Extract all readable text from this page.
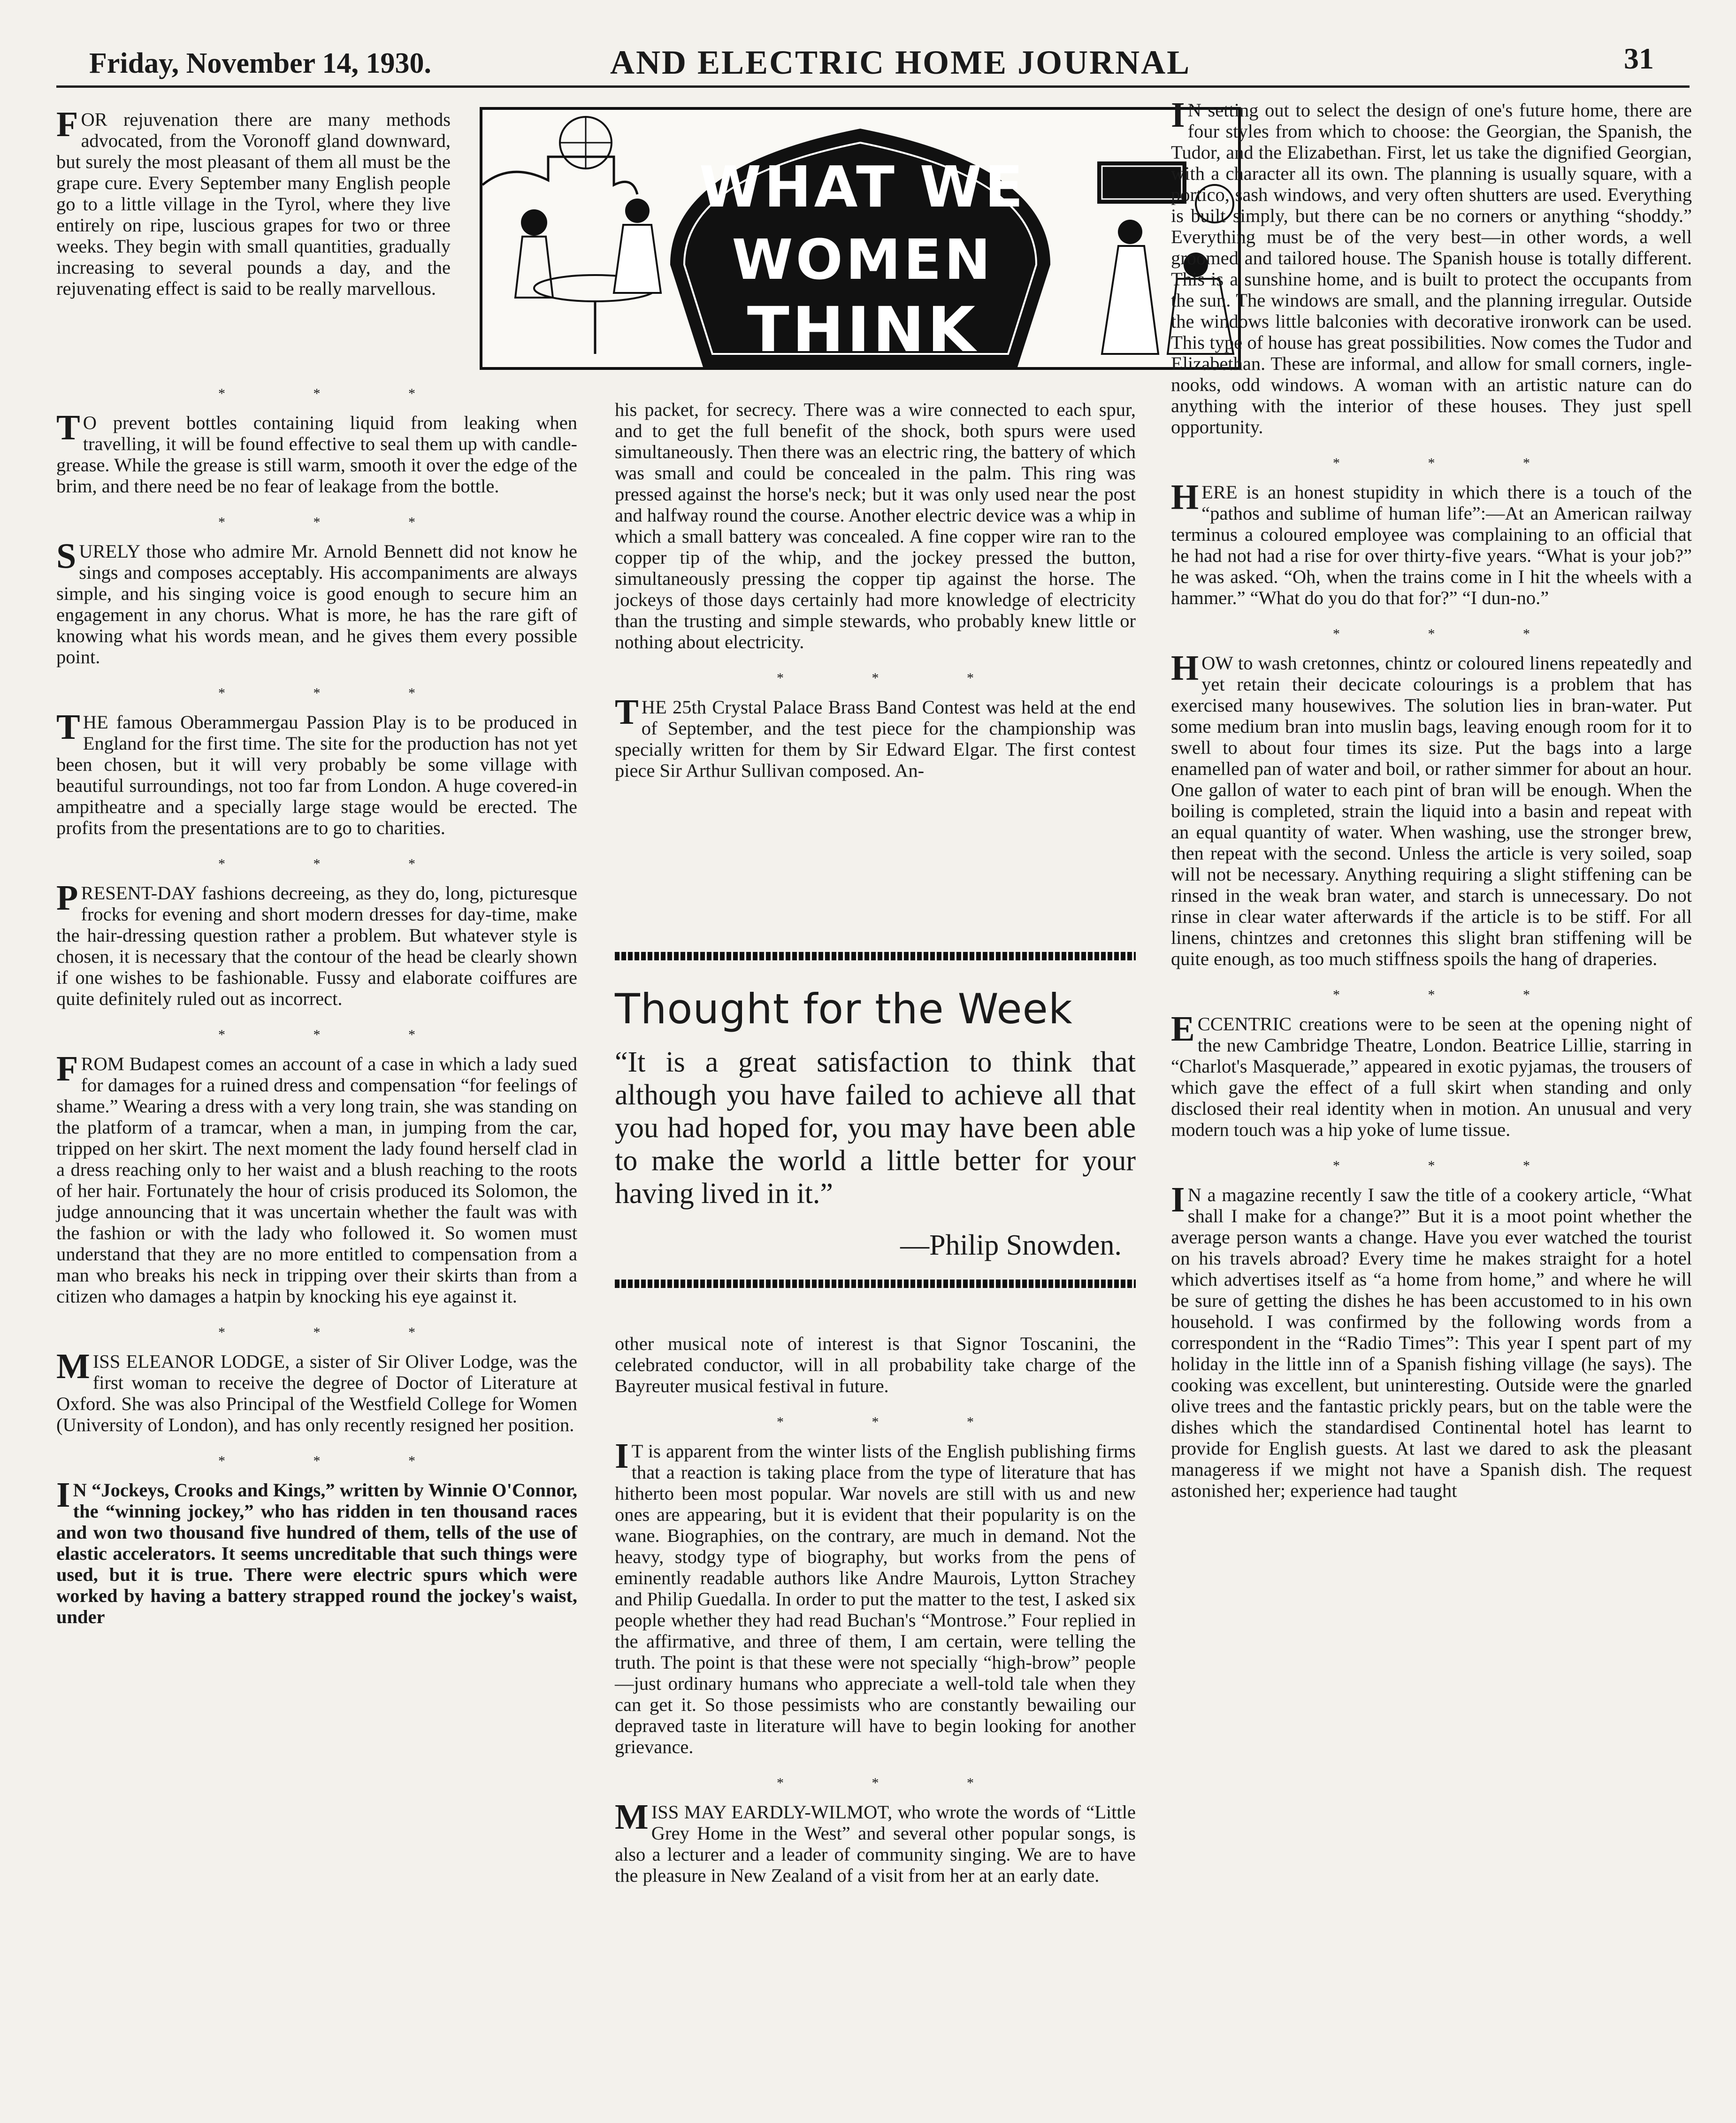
Friday, November 14, 1930.	AND ELECTRIC HOME JOURNAL	31
WHAT WE
WOMEN
THINK

FOR rejuvenation there are many methods advocated, from the Voronoff gland downward, but surely the most pleasant of them all must be the grape cure. Every September many English people go to a little village in the Tyrol, where they live entirely on ripe, luscious grapes for two or three weeks. They begin with small quantities, gradually increasing to several pounds a day, and the rejuvenating effect is said to be really marvellous.

* * *

T O prevent bottles containing liquid from leaking when travelling, it will be found effective to seal them up with candle-grease. While the grease is still warm, smooth it over the edge of the brim, and there need be no fear of leakage from the bottle.

* * *

SURELY those who admire Mr. Arnold Bennett did not know he sings and composes acceptably. His accompaniments are always simple, and his singing voice is good enough to secure him an engagement in any chorus. What is more, he has the rare gift of knowing what his words mean, and he gives them every possible point.

* * *

THE famous Oberammergau Passion Play is to be produced in England for the first time. The site for the production has not yet been chosen, but it will very probably be some village with beautiful surroundings, not too far from London. A huge covered-in ampitheatre and a specially large stage would be erected. The profits from the presentations are to go to charities.

* * *

PRESENT-DAY fashions decreeing, as they do, long, picturesque frocks for evening and short modern dresses for day-time, make the hair-dressing question rather a problem. But whatever style is chosen, it is necessary that the contour of the head be clearly shown if one wishes to be fashionable. Fussy and elaborate coiffures are quite definitely ruled out as incorrect.

* * *

FROM Budapest comes an account of a case in which a lady sued for damages for a ruined dress and compensation “for feelings of shame.” Wearing a dress with a very long train, she was standing on the platform of a tramcar, when a man, in jumping from the car, tripped on her skirt. The next moment the lady found herself clad in a dress reaching only to her waist and a blush reaching to the roots of her hair. Fortunately the hour of crisis produced its Solomon, the judge announcing that it was uncertain whether the fault was with the fashion or with the lady who followed it. So women must understand that they are no more entitled to compensation from a man who breaks his neck in tripping over their skirts than from a citizen who damages a hatpin by knocking his eye against it.

* * *

MISS ELEANOR LODGE, a sister of Sir Oliver Lodge, was the first woman to receive the degree of Doctor of Literature at Oxford. She was also Principal of the Westfield College for Women (University of London), and has only recently resigned her position.

* * *

I N “Jockeys, Crooks and Kings,” written by Winnie O'Connor, the “winning jockey,” who has ridden in ten thousand races and won two thousand five hundred of them, tells of the use of elastic accelerators. It seems uncreditable that such things were used, but it is true. There were electric spurs which were worked by having a battery strapped round the jockey's waist, under

his packet, for secrecy. There was a wire connected to each spur, and to get the full benefit of the shock, both spurs were used simultaneously. Then there was an electric ring, the battery of which was small and could be concealed in the palm. This ring was pressed against the horse's neck; but it was only used near the post and halfway round the course. Another electric device was a whip in which a small battery was concealed. A fine copper wire ran to the copper tip of the whip, and the jockey pressed the button, simultaneously pressing the copper tip against the horse. The jockeys of those days certainly had more knowledge of electricity than the trusting and simple stewards, who probably knew little or nothing about electricity.

* * *

THE 25th Crystal Palace Brass Band Contest was held at the end of September, and the test piece for the championship was specially written for them by Sir Edward Elgar. The first contest piece Sir Arthur Sullivan composed. An-

Thought for the Week
“It is a great satisfaction to think that although you have failed to achieve all that you had hoped for, you may have been able to make the world a little better for your having lived in it.”
—Philip Snowden.

other musical note of interest is that Signor Toscanini, the celebrated conductor, will in all probability take charge of the Bayreuter musical festival in future.

* * *

I T is apparent from the winter lists of the English publishing firms that a reaction is taking place from the type of literature that has hitherto been most popular. War novels are still with us and new ones are appearing, but it is evident that their popularity is on the wane. Biographies, on the contrary, are much in demand. Not the heavy, stodgy type of biography, but works from the pens of eminently readable authors like Andre Maurois, Lytton Strachey and Philip Guedalla. In order to put the matter to the test, I asked six people whether they had read Buchan's “Montrose.” Four replied in the affirmative, and three of them, I am certain, were telling the truth. The point is that these were not specially “high-brow” people—just ordinary humans who appreciate a well-told tale when they can get it. So those pessimists who are constantly bewailing our depraved taste in literature will have to begin looking for another grievance.

* * *

MISS MAY EARDLY-WILMOT, who wrote the words of “Little Grey Home in the West” and several other popular songs, is also a lecturer and a leader of community singing. We are to have the pleasure in New Zealand of a visit from her at an early date.

I N setting out to select the design of one's future home, there are four styles from which to choose: the Georgian, the Spanish, the Tudor, and the Elizabethan. First, let us take the dignified Georgian, with a character all its own. The planning is usually square, with a portico, sash windows, and very often shutters are used. Everything is built simply, but there can be no corners or anything “shoddy.” Everything must be of the very best—in other words, a well groomed and tailored house. The Spanish house is totally different. This is a sunshine home, and is built to protect the occupants from the sun. The windows are small, and the planning irregular. Outside the windows little balconies with decorative ironwork can be used. This type of house has great possibilities. Now comes the Tudor and Elizabethan. These are informal, and allow for small corners, ingle-nooks, odd windows. A woman with an artistic nature can do anything with the interior of these houses. They just spell opportunity.

* * *

HERE is an honest stupidity in which there is a touch of the “pathos and sublime of human life”:—At an American railway terminus a coloured employee was complaining to an official that he had not had a rise for over thirty-five years. “What is your job?” he was asked. “Oh, when the trains come in I hit the wheels with a hammer.” “What do you do that for?” “I dun-no.”

* * *

HOW to wash cretonnes, chintz or coloured linens repeatedly and yet retain their decicate colourings is a problem that has exercised many housewives. The solution lies in bran-water. Put some medium bran into muslin bags, leaving enough room for it to swell to about four times its size. Put the bags into a large enamelled pan of water and boil, or rather simmer for about an hour. One gallon of water to each pint of bran will be enough. When the boiling is completed, strain the liquid into a basin and repeat with an equal quantity of water. When washing, use the stronger brew, then repeat with the second. Unless the article is very soiled, soap will not be necessary. Anything requiring a slight stiffening can be rinsed in the weak bran water, and starch is unnecessary. Do not rinse in clear water afterwards if the article is to be stiff. For all linens, chintzes and cretonnes this slight bran stiffening will be quite enough, as too much stiffness spoils the hang of draperies.

* * *

ECCENTRIC creations were to be seen at the opening night of the new Cambridge Theatre, London. Beatrice Lillie, starring in “Charlot's Masquerade,” appeared in exotic pyjamas, the trousers of which gave the effect of a full skirt when standing and only disclosed their real identity when in motion. An unusual and very modern touch was a hip yoke of lume tissue.

* * *

I N a magazine recently I saw the title of a cookery article, “What shall I make for a change?” But it is a moot point whether the average person wants a change. Have you ever watched the tourist on his travels abroad? Every time he makes straight for a hotel which advertises itself as “a home from home,” and where he will be sure of getting the dishes he has been accustomed to in his own household. I was confirmed by the following words from a correspondent in the “Radio Times”: This year I spent part of my holiday in the little inn of a Spanish fishing village (he says). The cooking was excellent, but uninteresting. Outside were the gnarled olive trees and the fantastic prickly pears, but on the table were the dishes which the standardised Continental hotel has learnt to provide for English guests. At last we dared to ask the pleasant manageress if we might not have a Spanish dish. The request astonished her; experience had taught
